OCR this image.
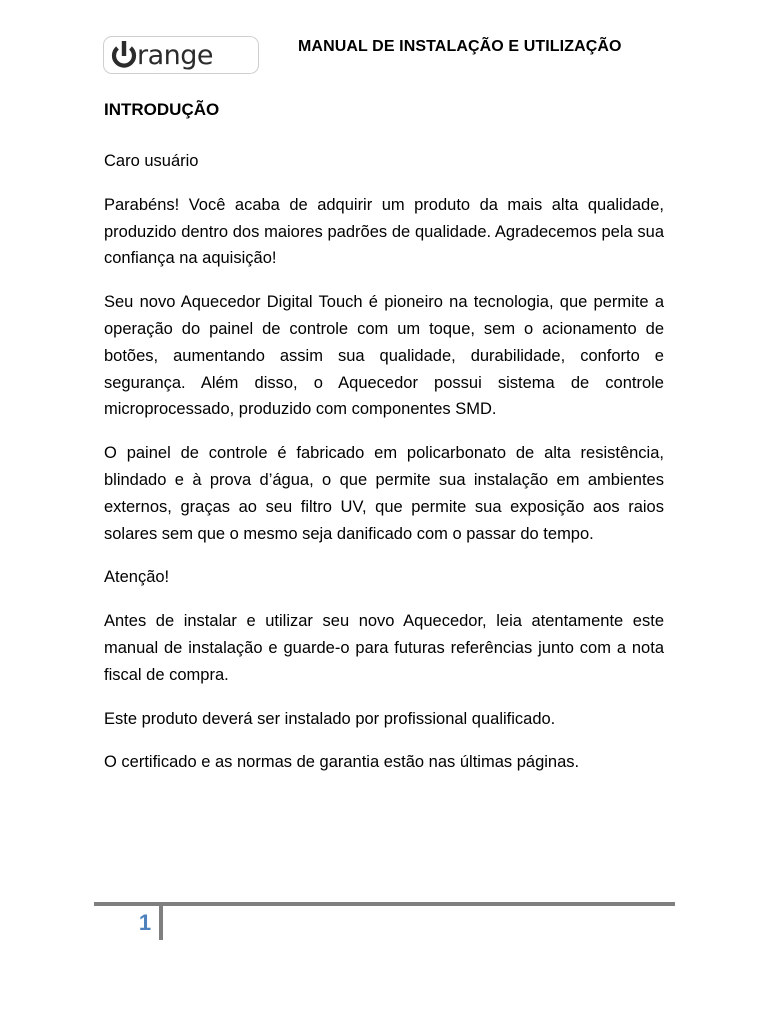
range	MANUAL DE INSTALAÇÃO E UTILIZAÇÃO
INTRODUÇÃO

Caro usuário

Parabéns! Você acaba de adquirir um produto da mais alta qualidade, produzido dentro dos maiores padrões de qualidade. Agradecemos pela sua confiança na aquisição!

Seu novo Aquecedor Digital Touch é pioneiro na tecnologia, que permite a operação do painel de controle com um toque, sem o acionamento de botões, aumentando assim sua qualidade, durabilidade, conforto e segurança. Além disso, o Aquecedor possui sistema de controle microprocessado, produzido com componentes SMD.

O painel de controle é fabricado em policarbonato de alta resistência, blindado e à prova d’água, o que permite sua instalação em ambientes externos, graças ao seu filtro UV, que permite sua exposição aos raios solares sem que o mesmo seja danificado com o passar do tempo.

Atenção!

Antes de instalar e utilizar seu novo Aquecedor, leia atentamente este manual de instalação e guarde-o para futuras referências junto com a nota fiscal de compra.

Este produto deverá ser instalado por profissional qualificado.

O certificado e as normas de garantia estão nas últimas páginas.

1
